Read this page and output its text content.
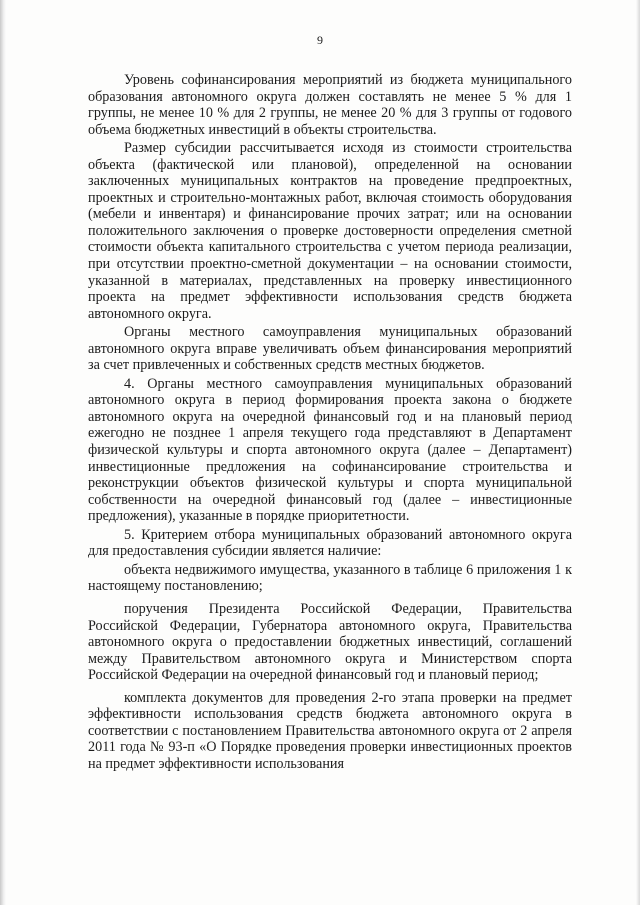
9

Уровень софинансирования мероприятий из бюджета муниципального образования автономного округа должен составлять не менее 5 % для 1 группы, не менее 10 % для 2 группы, не менее 20 % для 3 группы от годового объема бюджетных инвестиций в объекты строительства.

Размер субсидии рассчитывается исходя из стоимости строительства объекта (фактической или плановой), определенной на основании заключенных муниципальных контрактов на проведение предпроектных, проектных и строительно-монтажных работ, включая стоимость оборудования (мебели и инвентаря) и финансирование прочих затрат; или на основании положительного заключения о проверке достоверности определения сметной стоимости объекта капитального строительства с учетом периода реализации, при отсутствии проектно-сметной документации – на основании стоимости, указанной в материалах, представленных на проверку инвестиционного проекта на предмет эффективности использования средств бюджета автономного округа.

Органы местного самоуправления муниципальных образований автономного округа вправе увеличивать объем финансирования мероприятий за счет привлеченных и собственных средств местных бюджетов.

4. Органы местного самоуправления муниципальных образований автономного округа в период формирования проекта закона о бюджете автономного округа на очередной финансовый год и на плановый период ежегодно не позднее 1 апреля текущего года представляют в Департамент физической культуры и спорта автономного округа (далее – Департамент) инвестиционные предложения на софинансирование строительства и реконструкции объектов физической культуры и спорта муниципальной собственности на очередной финансовый год (далее – инвестиционные предложения), указанные в порядке приоритетности.

5. Критерием отбора муниципальных образований автономного округа для предоставления субсидии является наличие:

объекта недвижимого имущества, указанного в таблице 6 приложения 1 к настоящему постановлению;

поручения Президента Российской Федерации, Правительства Российской Федерации, Губернатора автономного округа, Правительства автономного округа о предоставлении бюджетных инвестиций, соглашений между Правительством автономного округа и Министерством спорта Российской Федерации на очередной финансовый год и плановый период;

комплекта документов для проведения 2-го этапа проверки на предмет эффективности использования средств бюджета автономного округа в соответствии с постановлением Правительства автономного округа от 2 апреля 2011 года № 93-п «О Порядке проведения проверки инвестиционных проектов на предмет эффективности использования
